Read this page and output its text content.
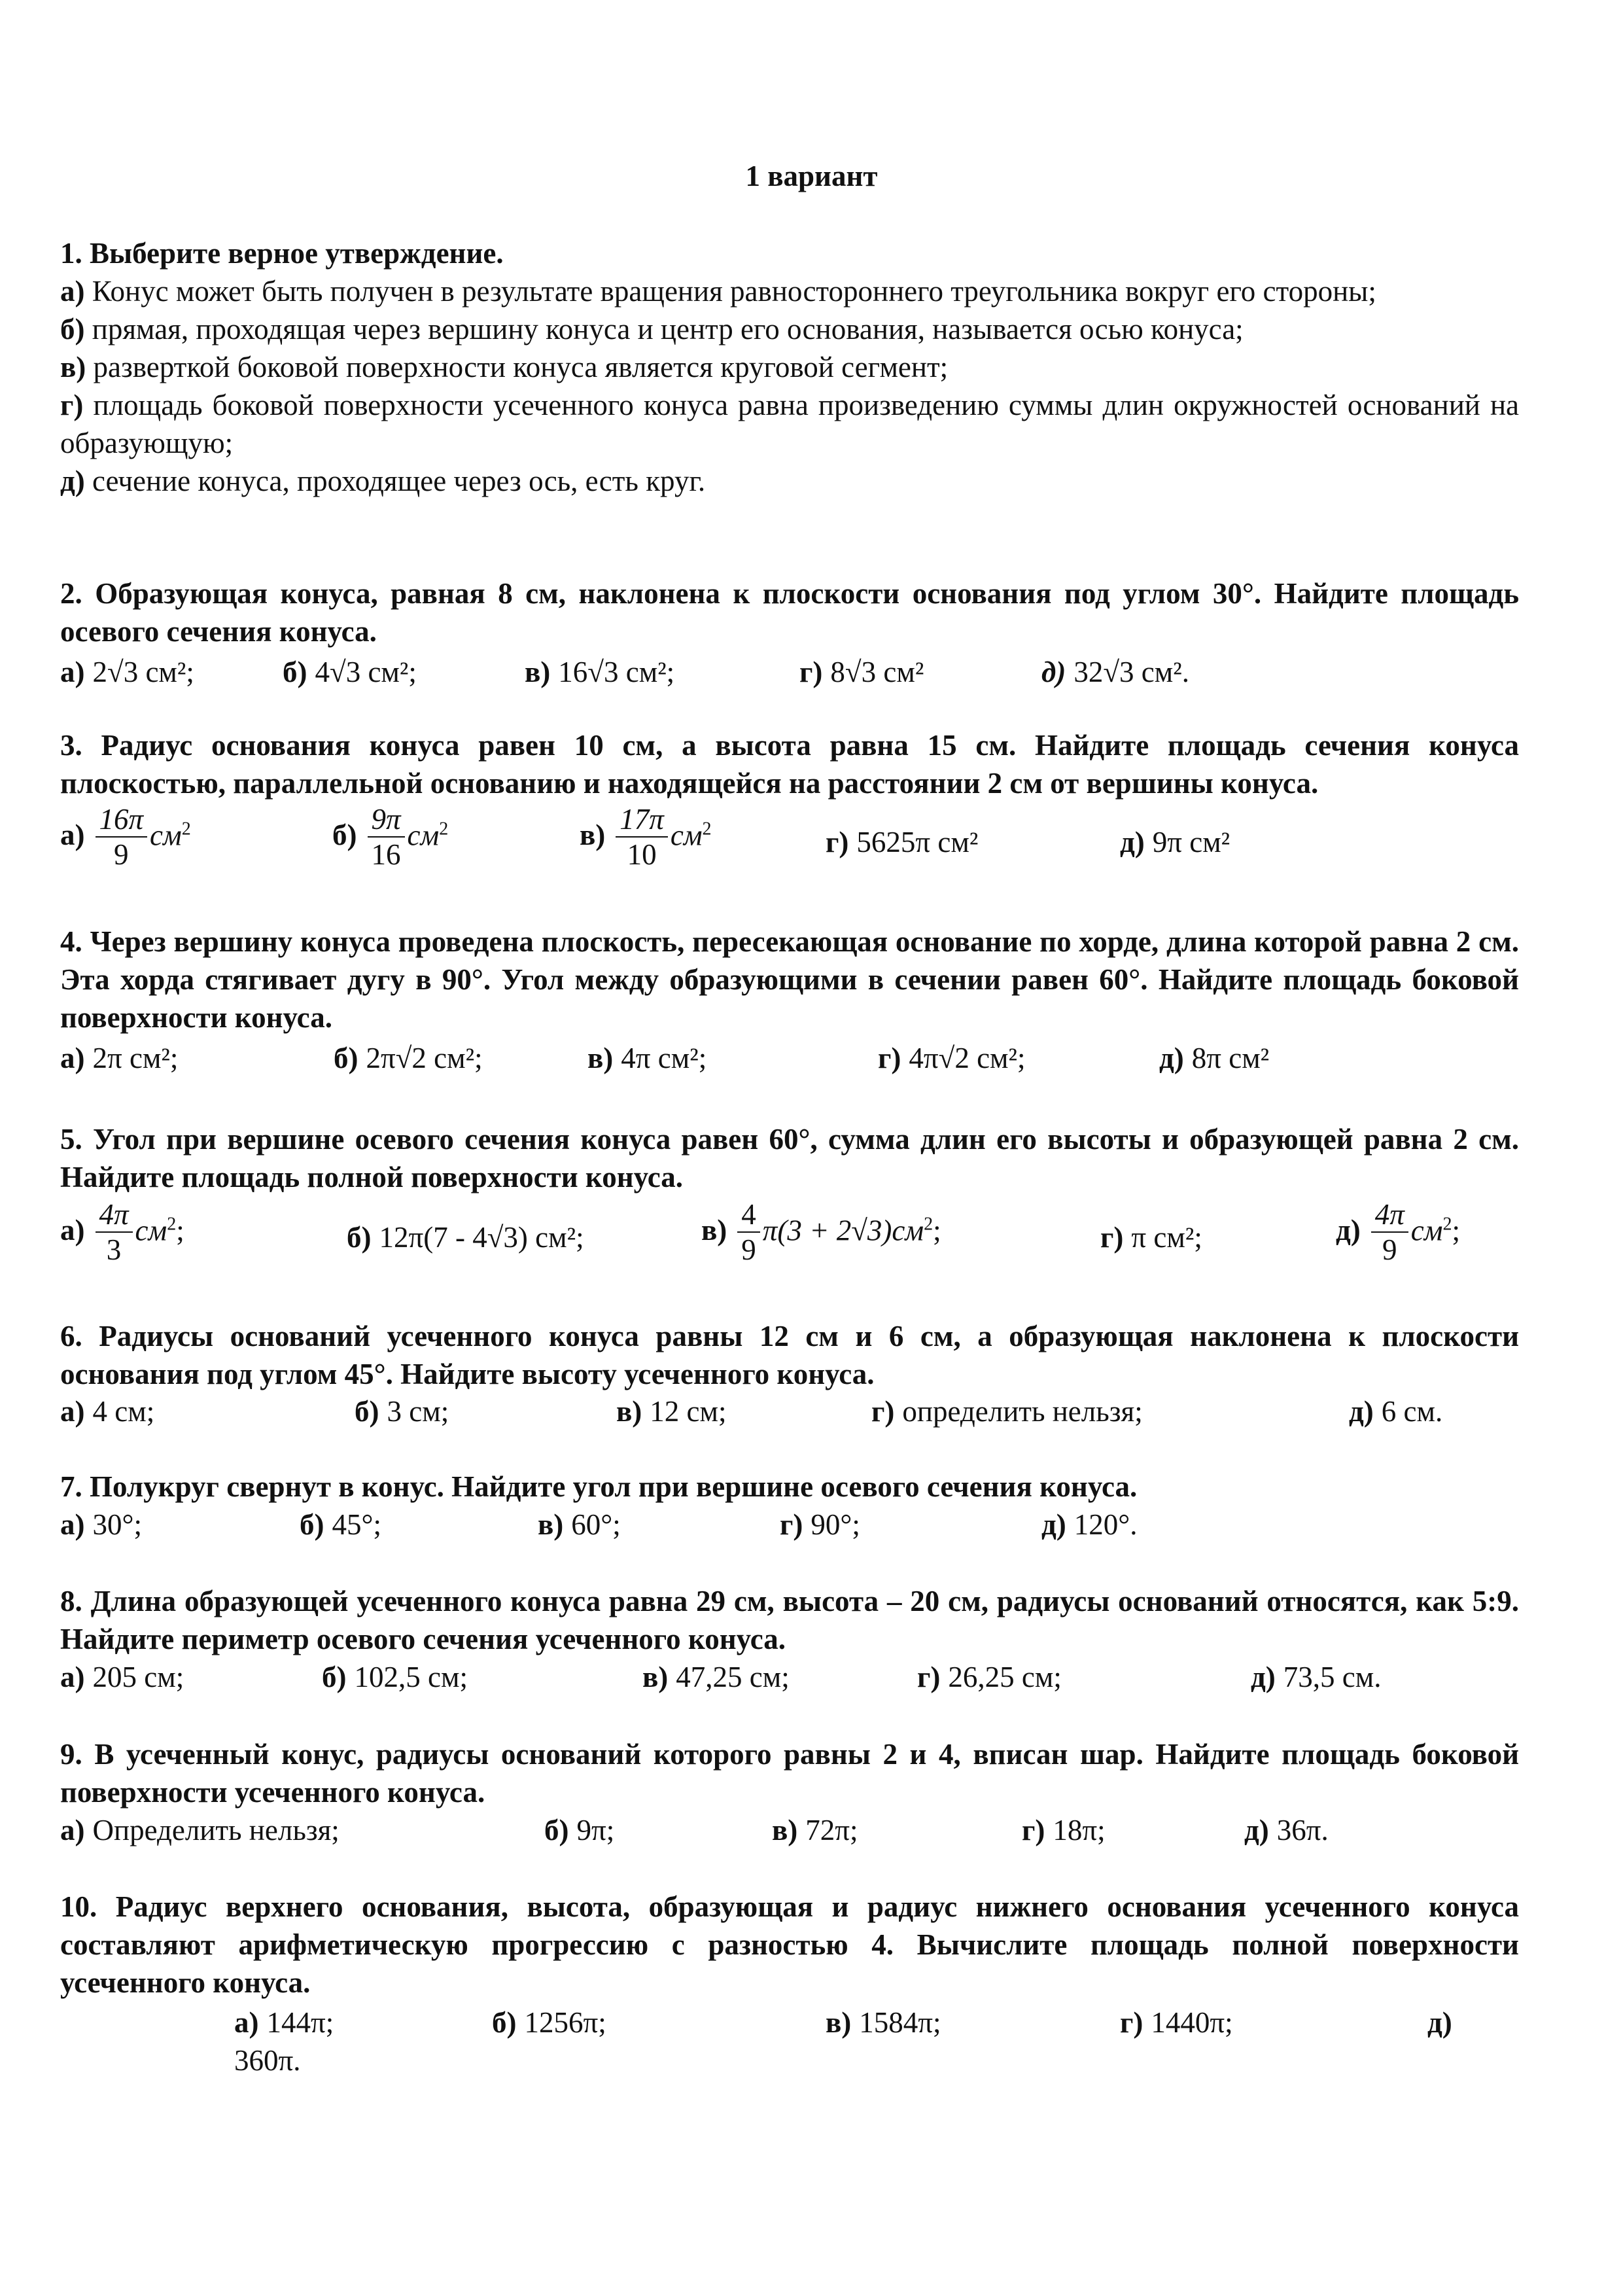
1 вариант
1. Выберите верное утверждение.
а) Конус может быть получен в результате вращения равностороннего треугольника вокруг его стороны;
б) прямая, проходящая через вершину конуса и центр его основания, называется осью конуса;
в) разверткой боковой поверхности конуса является круговой сегмент;
г) площадь боковой поверхности усеченного конуса равна произведению суммы длин окружностей оснований на образующую;
д) сечение конуса, проходящее через ось, есть круг.
2. Образующая конуса, равная 8 см, наклонена к плоскости основания под углом 30°. Найдите площадь осевого сечения конуса.
3. Радиус основания конуса равен 10 см, а высота равна 15 см. Найдите площадь сечения конуса плоскостью, параллельной основанию и находящейся на расстоянии 2 см от вершины конуса.
4. Через вершину конуса проведена плоскость, пересекающая основание по хорде, длина которой равна 2 см. Эта хорда стягивает дугу в 90°. Угол между образующими в сечении равен 60°. Найдите площадь боковой поверхности конуса.
5. Угол при вершине осевого сечения конуса равен 60°, сумма длин его высоты и образующей равна 2 см. Найдите площадь полной поверхности конуса.
6. Радиусы оснований усеченного конуса равны 12 см и 6 см, а образующая наклонена к плоскости основания под углом 45°. Найдите высоту усеченного конуса.
7. Полукруг свернут в конус. Найдите угол при вершине осевого сечения конуса.
8. Длина образующей усеченного конуса равна 29 см, высота – 20 см, радиусы оснований относятся, как 5:9. Найдите периметр осевого сечения усеченного конуса.
9. В усеченный конус, радиусы оснований которого равны 2 и 4, вписан шар. Найдите площадь боковой поверхности усеченного конуса.
10. Радиус верхнего основания, высота, образующая и радиус нижнего основания усеченного конуса составляют арифметическую прогрессию с разностью 4. Вычислите площадь полной поверхности усеченного конуса.
а) 2√3 см²;	б) 4√3 см²;	в) 16√3 см²;	г) 8√3 см²	д) 32√3 см².
$а) \frac{16\pi}{9} см^2$	$б) \frac{9\pi}{16} см^2$	$в) \frac{17\pi}{10} см^2$	г) 5625π см²	д) 9π см²
а) 2π см²;	б) 2π√2 см²;	в) 4π см²;	г) 4π√2 см²;	д) 8π см²
$а) \frac{4\pi}{3} см^2$;	б) 12π(7 - 4√3) см²;	$в) \frac{4}{9} \pi(3 + 2√3)см^2$;	г) π см²;	$д) \frac{4\pi}{9} см^2$;
а) 4 см;	б) 3 см;	в) 12 см;	г) определить нельзя;	д) 6 см.
а) 30°;	б) 45°;	в) 60°;	г) 90°;	д) 120°.
а) 205 см;	б) 102,5 см;	в) 47,25 см;	г) 26,25 см;	д) 73,5 см.
а) Определить нельзя;	б) 9π;	в) 72π;	г) 18π;	д) 36π.
а) 144π;	б) 1256π;	в) 1584π;	г) 1440π;	д)
360π.
